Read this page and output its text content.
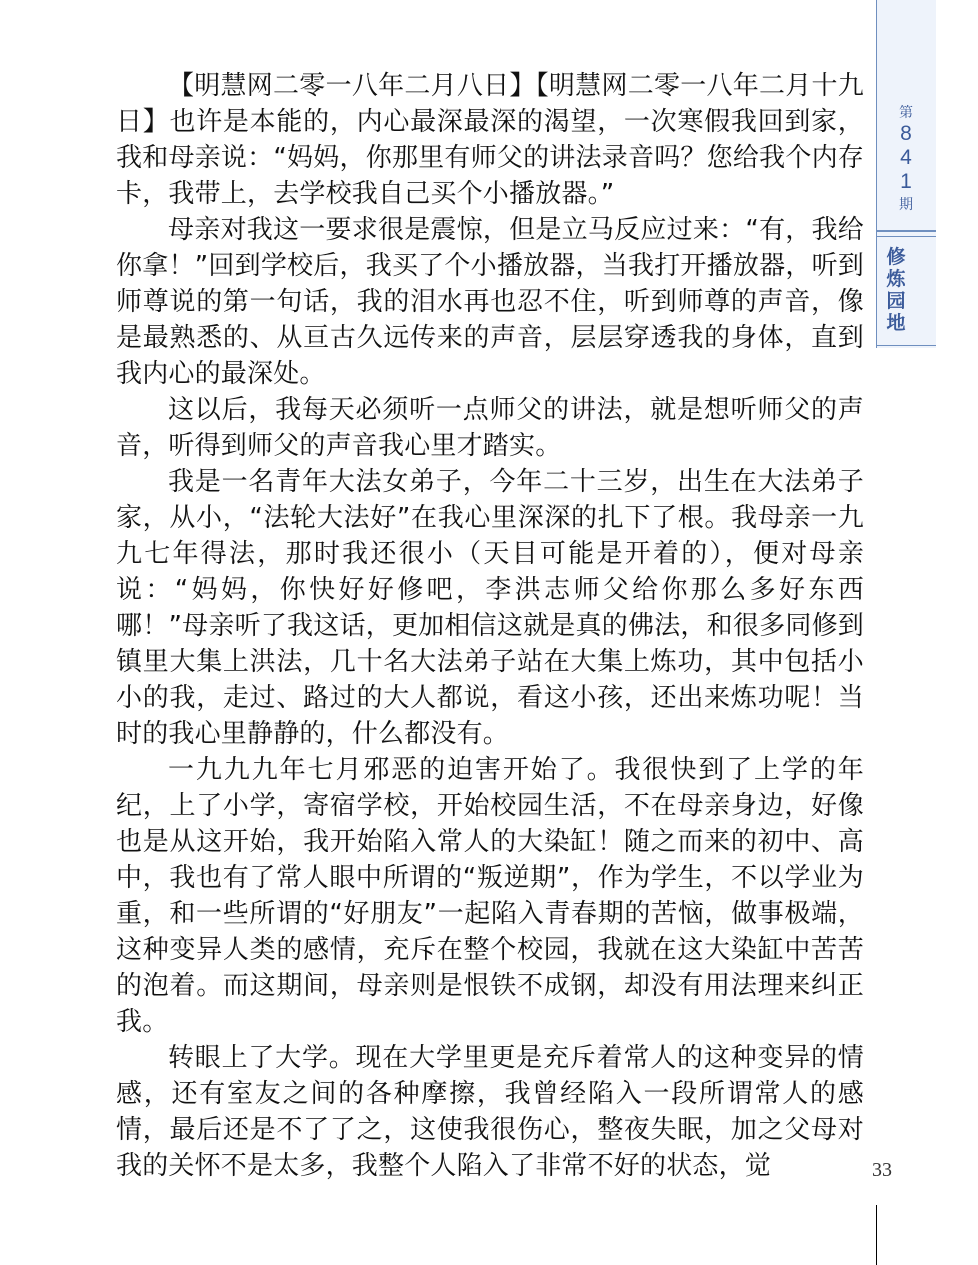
第
8
4
1
期
修
炼
园
地

【明慧网二零一八年二月八日】【明慧网二零一八年二月十九日】也许是本能的，内心最深最深的渴望，一次寒假我回到家，我和母亲说：“妈妈，你那里有师父的讲法录音吗？您给我个内存卡，我带上，去学校我自己买个小播放器。”

母亲对我这一要求很是震惊，但是立马反应过来：“有，我给你拿！”回到学校后，我买了个小播放器，当我打开播放器，听到师尊说的第一句话，我的泪水再也忍不住，听到师尊的声音，像是最熟悉的、从亘古久远传来的声音，层层穿透我的身体，直到我内心的最深处。

这以后，我每天必须听一点师父的讲法，就是想听师父的声音，听得到师父的声音我心里才踏实。

我是一名青年大法女弟子，今年二十三岁，出生在大法弟子家，从小，“法轮大法好”在我心里深深的扎下了根。我母亲一九九七年得法，那时我还很小（天目可能是开着的），便对母亲说：“妈妈，你快好好修吧，李洪志师父给你那么多好东西哪！”母亲听了我这话，更加相信这就是真的佛法，和很多同修到镇里大集上洪法，几十名大法弟子站在大集上炼功，其中包括小小的我，走过、路过的大人都说，看这小孩，还出来炼功呢！当时的我心里静静的，什么都没有。

一九九九年七月邪恶的迫害开始了。我很快到了上学的年纪，上了小学，寄宿学校，开始校园生活，不在母亲身边，好像也是从这开始，我开始陷入常人的大染缸！随之而来的初中、高中，我也有了常人眼中所谓的“叛逆期”，作为学生，不以学业为重，和一些所谓的“好朋友”一起陷入青春期的苦恼，做事极端，这种变异人类的感情，充斥在整个校园，我就在这大染缸中苦苦的泡着。而这期间，母亲则是恨铁不成钢，却没有用法理来纠正我。

转眼上了大学。现在大学里更是充斥着常人的这种变异的情感，还有室友之间的各种摩擦，我曾经陷入一段所谓常人的感情，最后还是不了了之，这使我很伤心，整夜失眠，加之父母对我的关怀不是太多，我整个人陷入了非常不好的状态，觉	33
